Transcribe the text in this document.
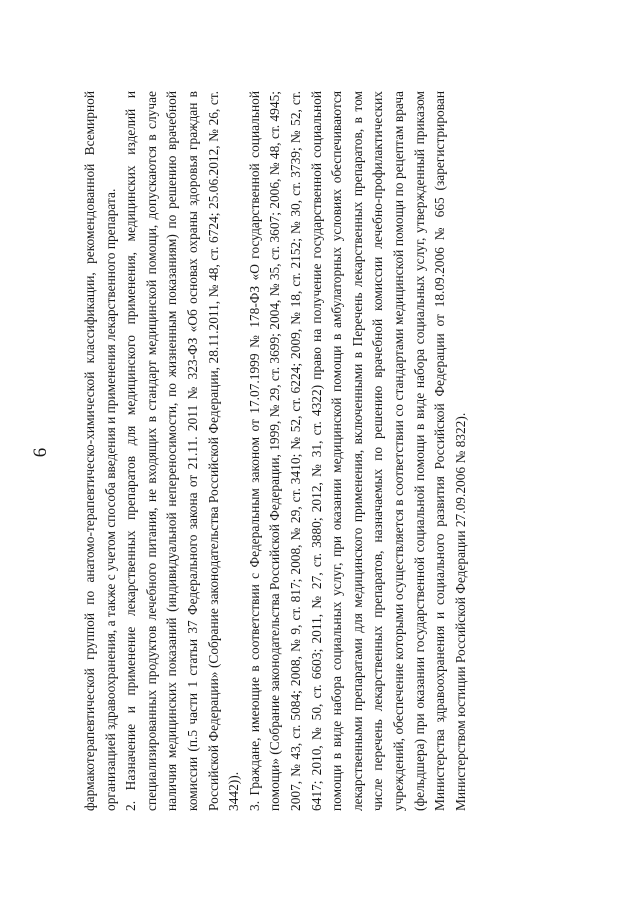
6 фармакотерапевтической группой по анатомо-терапевтическо-химической классификации, рекомендованной Всемирной организацией здравоохранения, а также с учетом способа введения и применения лекарственного препарата. 2. Назначение и применение лекарственных препаратов для медицинского применения, медицинских изделий и специализированных продуктов лечебного питания, не входящих в стандарт медицинской помощи, допускаются в случае наличия медицинских показаний (индивидуальной непереносимости, по жизненным показаниям) по решению врачебной комиссии (п.5 части 1 статьи 37 Федерального закона от 21.11. 2011 № 323-ФЗ «Об основах охраны здоровья граждан в Российской Федерации» (Собрание законодательства Российской Федерации, 28.11.2011, № 48, ст. 6724; 25.06.2012, № 26, ст. 3442)). 3. Граждане, имеющие в соответствии с Федеральным законом от 17.07.1999 № 178-ФЗ «О государственной социальной помощи» (Собрание законодательства Российской Федерации, 1999, № 29, ст. 3699; 2004, № 35, ст. 3607; 2006, № 48, ст. 4945; 2007, № 43, ст. 5084; 2008, № 9, ст. 817; 2008, № 29, ст. 3410; № 52, ст. 6224; 2009, № 18, ст. 2152; № 30, ст. 3739; № 52, ст. 6417; 2010, № 50, ст. 6603; 2011, № 27, ст. 3880; 2012, № 31, ст. 4322) право на получение государственной социальной помощи в виде набора социальных услуг, при оказании медицинской помощи в амбулаторных условиях обеспечиваются лекарственными препаратами для медицинского применения, включенными в Перечень лекарственных препаратов, в том числе перечень лекарственных препаратов, назначаемых по решению врачебной комиссии лечебно-профилактических учреждений, обеспечение которыми осуществляется в соответствии со стандартами медицинской помощи по рецептам врача (фельдшера) при оказании государственной социальной помощи в виде набора социальных услуг, утвержденный приказом Министерства здравоохранения и социального развития Российской Федерации от 18.09.2006 № 665 (зарегистрирован Министерством юстиции Российской Федерации 27.09.2006 № 8322).
